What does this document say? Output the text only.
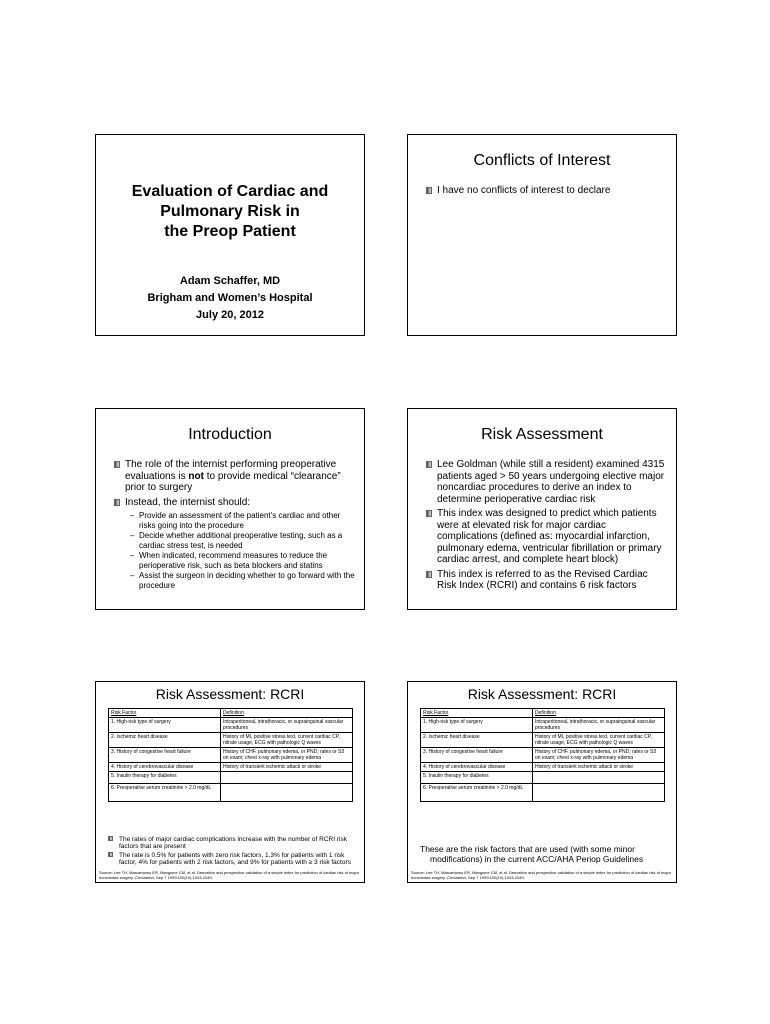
Evaluation of Cardiac and
Pulmonary Risk in
the Preop Patient
Adam Schaffer, MD
Brigham and Women’s Hospital
July 20, 2012
Conflicts of Interest
I have no conflicts of interest to declare
Introduction
The role of the internist performing preoperative evaluations is not to provide medical “clearance” prior to surgery
Instead, the internist should:
– Provide an assessment of the patient’s cardiac and other risks going into the procedure
– Decide whether additional preoperative testing, such as a cardiac stress test, is needed
– When indicated, recommend measures to reduce the perioperative risk, such as beta blockers and statins
– Assist the surgeon in deciding whether to go forward with the procedure
Risk Assessment
Lee Goldman (while still a resident) examined 4315 patients aged > 50 years undergoing elective major noncardiac procedures to derive an index to determine perioperative cardiac risk
This index was designed to predict which patients were at elevated risk for major cardiac complications (defined as: myocardial infarction, pulmonary edema, ventricular fibrillation or primary cardiac arrest, and complete heart block)
This index is referred to as the Revised Cardiac Risk Index (RCRI) and contains 6 risk factors
Risk Assessment: RCRI
Risk Factor	Definition
1. High-risk type of surgery	Intraperitoneal, intrathoracic, or suprainguinal vascular procedures
2. Ischemic heart disease	History of MI, positive stress test, current cardiac CP, nitrate usage, ECG with pathologic Q waves
3. History of congestive heart failure	History of CHF, pulmonary edema, or PND; rales or S3 on exam; chest x-ray with pulmonary edema
4. History of cerebrovascular disease	History of transient ischemic attack or stroke
5. Insulin therapy for diabetes	
6. Preoperative serum creatinine > 2.0 mg/dL	
The rates of major cardiac complications increase with the number of RCRI risk factors that are present
The rate is 0.5% for patients with zero risk factors, 1.3% for patients with 1 risk factor, 4% for patients with 2 risk factors, and 9% for patients with ≥ 3 risk factors
Source: Lee TH, Marcantonio ER, Mangione CM, et al. Derivation and prospective validation of a simple index for prediction of cardiac risk of major noncardiac surgery. Circulation. Sep 7 1999;100(10):1043-1049.
Risk Assessment: RCRI
Risk Factor	Definition
1. High-risk type of surgery	Intraperitoneal, intrathoracic, or suprainguinal vascular procedures
2. Ischemic heart disease	History of MI, positive stress test, current cardiac CP, nitrate usage, ECG with pathologic Q waves
3. History of congestive heart failure	History of CHF, pulmonary edema, or PND; rales or S3 on exam; chest x-ray with pulmonary edema
4. History of cerebrovascular disease	History of transient ischemic attack or stroke
5. Insulin therapy for diabetes	
6. Preoperative serum creatinine > 2.0 mg/dL	
These are the risk factors that are used (with some minor
modifications) in the current ACC/AHA Periop Guidelines
Source: Lee TH, Marcantonio ER, Mangione CM, et al. Derivation and prospective validation of a simple index for prediction of cardiac risk of major noncardiac surgery. Circulation. Sep 7 1999;100(10):1043-1049.
